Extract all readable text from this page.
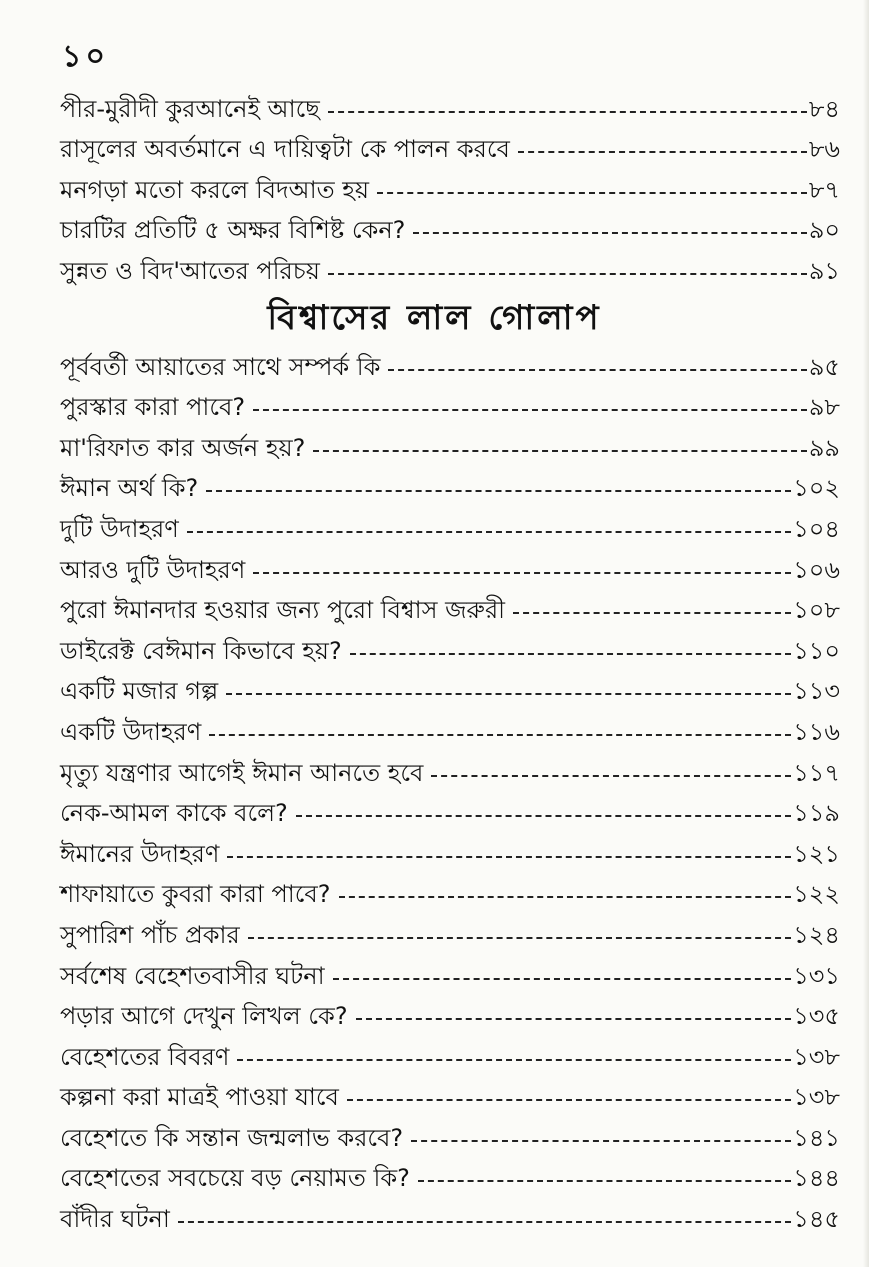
১০
পীর-মুরীদী কুরআনেই আছে	৮৪
রাসূলের অবর্তমানে এ দায়িত্বটা কে পালন করবে	৮৬
মনগড়া মতো করলে বিদআত হয়	৮৭
চারটির প্রতিটি ৫ অক্ষর বিশিষ্ট কেন?	৯০
সুন্নত ও বিদ'আতের পরিচয়	৯১
বিশ্বাসের লাল গোলাপ
পূর্ববর্তী আয়াতের সাথে সম্পর্ক কি	৯৫
পুরস্কার কারা পাবে?	৯৮
মা'রিফাত কার অর্জন হয়?	৯৯
ঈমান অর্থ কি?	১০২
দুটি উদাহরণ	১০৪
আরও দুটি উদাহরণ	১০৬
পুরো ঈমানদার হওয়ার জন্য পুরো বিশ্বাস জরুরী	১০৮
ডাইরেক্ট বেঈমান কিভাবে হয়?	১১০
একটি মজার গল্প	১১৩
একটি উদাহরণ	১১৬
মৃত্যু যন্ত্রণার আগেই ঈমান আনতে হবে	১১৭
নেক-আমল কাকে বলে?	১১৯
ঈমানের উদাহরণ	১২১
শাফায়াতে কুবরা কারা পাবে?	১২২
সুপারিশ পাঁচ প্রকার	১২৪
সর্বশেষ বেহেশতবাসীর ঘটনা	১৩১
পড়ার আগে দেখুন লিখল কে?	১৩৫
বেহেশতের বিবরণ	১৩৮
কল্পনা করা মাত্রই পাওয়া যাবে	১৩৮
বেহেশতে কি সন্তান জন্মলাভ করবে?	১৪১
বেহেশতের সবচেয়ে বড় নেয়ামত কি?	১৪৪
বাঁদীর ঘটনা	১৪৫
